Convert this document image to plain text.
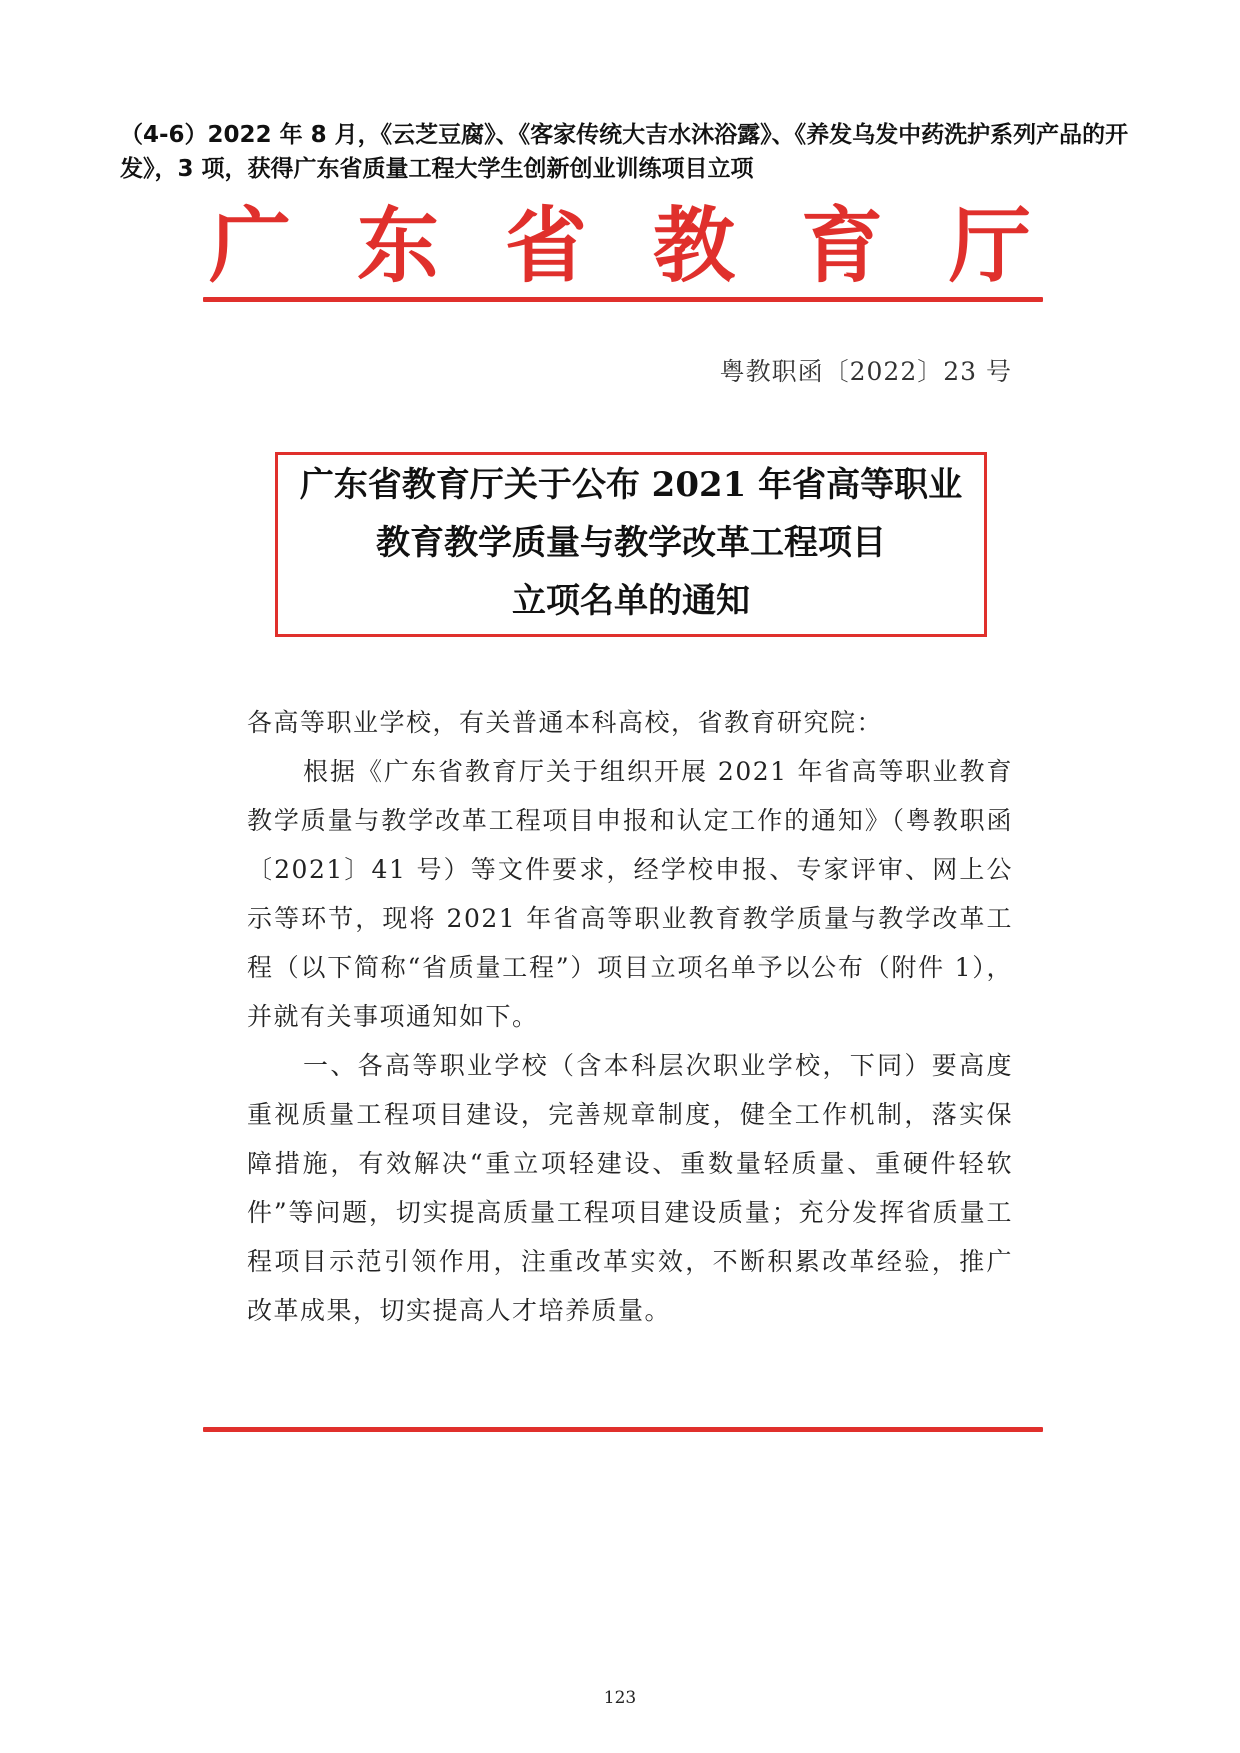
（4-6）2022 年 8 月，《云芝豆腐》、《客家传统大吉水沐浴露》、《养发乌发中药洗护系列产品的开发》，3 项，获得广东省质量工程大学生创新创业训练项目立项
广 东 省 教 育 厅
粤教职函〔2022〕23 号
广东省教育厅关于公布 2021 年省高等职业
教育教学质量与教学改革工程项目
立项名单的通知
各高等职业学校，有关普通本科高校，省教育研究院：
根据《广东省教育厅关于组织开展 2021 年省高等职业教育教学质量与教学改革工程项目申报和认定工作的通知》（粤教职函〔2021〕41 号）等文件要求，经学校申报、专家评审、网上公示等环节，现将 2021 年省高等职业教育教学质量与教学改革工程（以下简称“省质量工程”）项目立项名单予以公布（附件 1），并就有关事项通知如下。
一、各高等职业学校（含本科层次职业学校，下同）要高度重视质量工程项目建设，完善规章制度，健全工作机制，落实保障措施，有效解决“重立项轻建设、重数量轻质量、重硬件轻软件”等问题，切实提高质量工程项目建设质量；充分发挥省质量工程项目示范引领作用，注重改革实效，不断积累改革经验，推广改革成果，切实提高人才培养质量。
123
